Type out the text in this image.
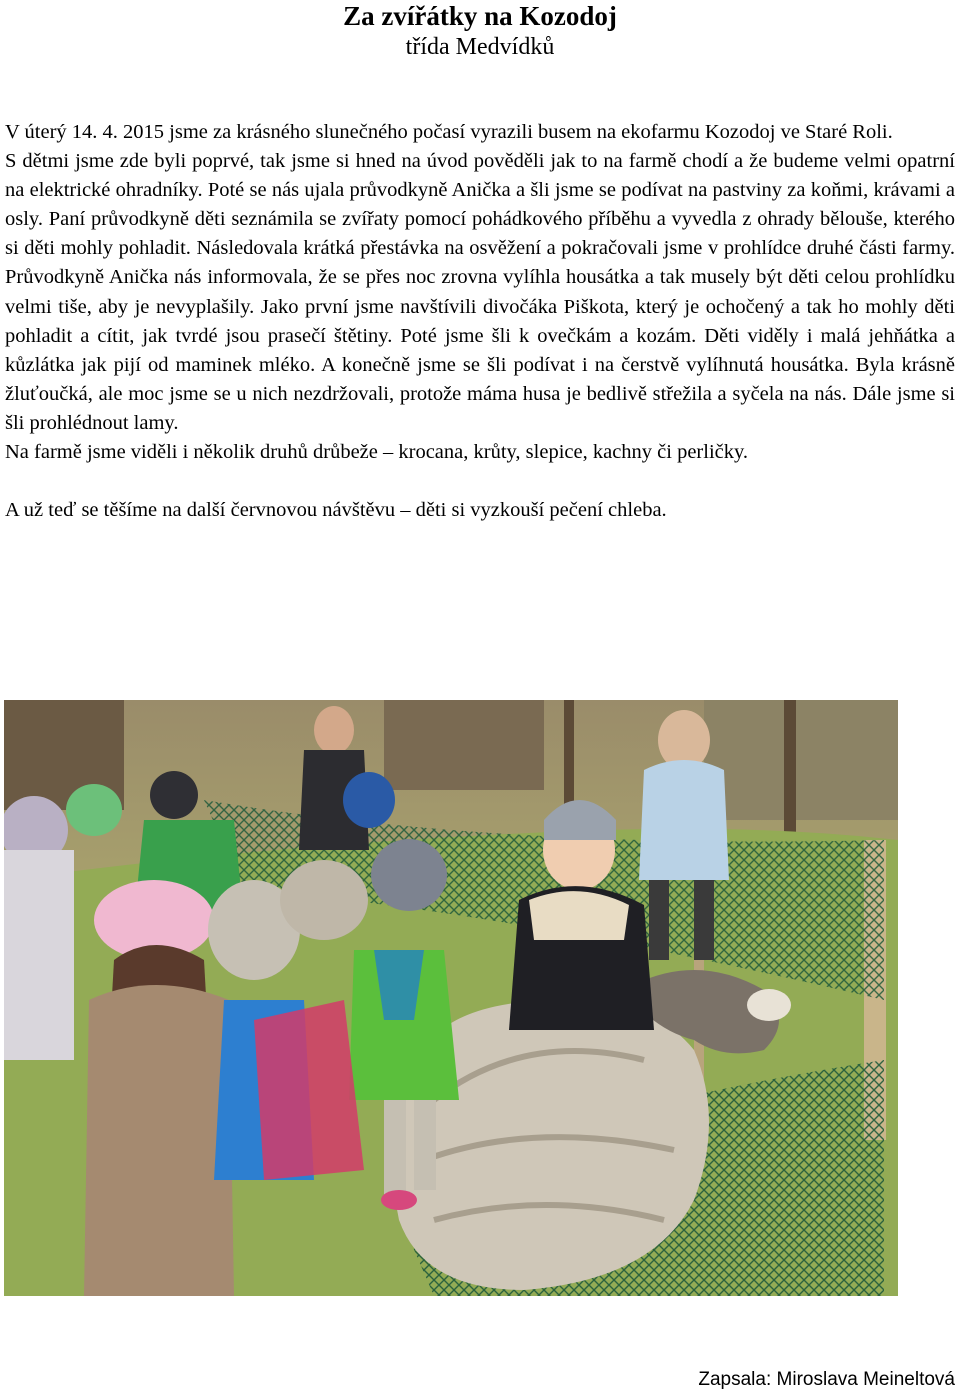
Za zvířátky na Kozodoj
třída Medvídků

V úterý 14. 4. 2015 jsme za krásného slunečného počasí vyrazili busem na ekofarmu Kozodoj ve Staré Roli.

S dětmi jsme zde byli poprvé, tak jsme si hned na úvod pověděli jak to na farmě chodí a že budeme velmi opatrní na elektrické ohradníky. Poté se nás ujala průvodkyně Anička a šli jsme se podívat na pastviny za koňmi, krávami a osly. Paní průvodkyně děti seznámila se zvířaty pomocí pohádkového příběhu a vyvedla z ohrady bělouše, kterého si děti mohly pohladit. Následovala krátká přestávka na osvěžení a pokračovali jsme v prohlídce druhé části farmy. Průvodkyně Anička nás informovala, že se přes noc zrovna vylíhla housátka a tak musely být děti celou prohlídku velmi tiše, aby je nevyplašily. Jako první jsme navštívili divočáka Piškota, který je ochočený a tak ho mohly děti pohladit a cítit, jak tvrdé jsou prasečí štětiny. Poté jsme šli k ovečkám a kozám. Děti viděly i malá jehňátka a kůzlátka jak pijí od maminek mléko. A konečně jsme se šli podívat i na čerstvě vylíhnutá housátka. Byla krásně žluťoučká, ale moc jsme se u nich nezdržovali, protože máma husa je bedlivě střežila a syčela na nás. Dále jsme si šli prohlédnout lamy.

Na farmě jsme viděli i několik druhů drůbeže – krocana, krůty, slepice, kachny či perličky.

A už teď se těšíme na další červnovou návštěvu – děti si vyzkouší pečení chleba.

Zapsala: Miroslava Meineltová
